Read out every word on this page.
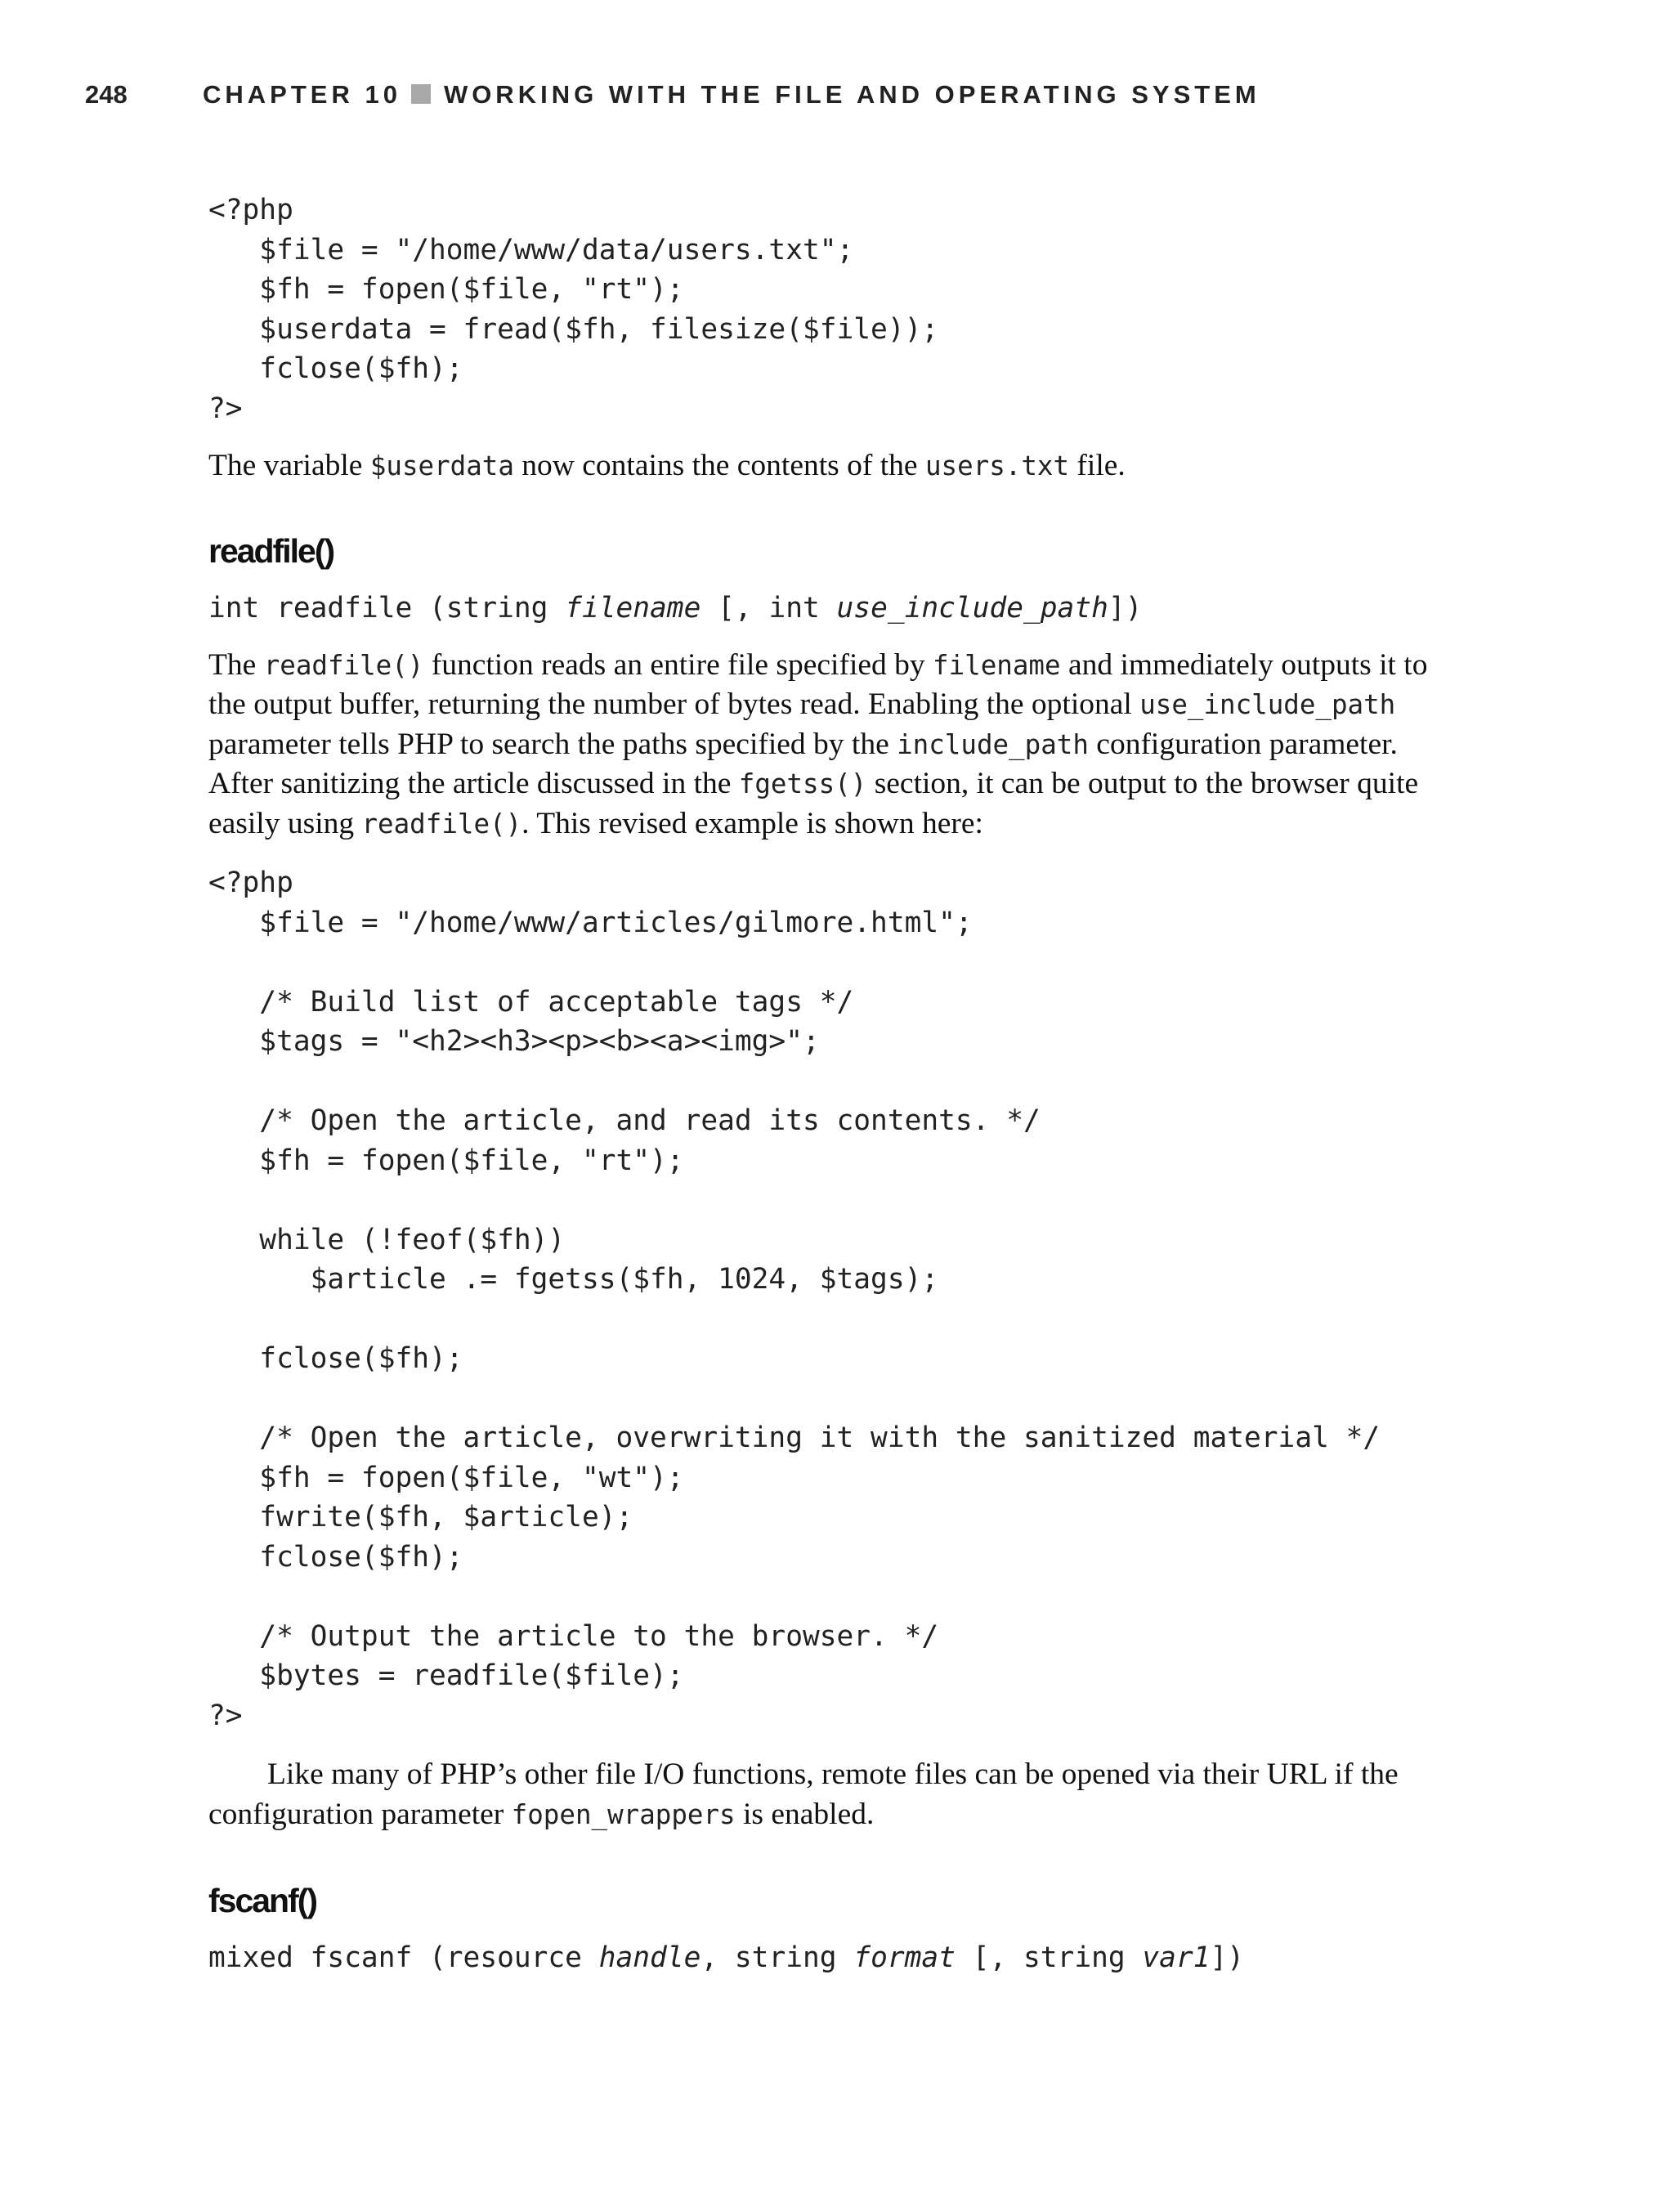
248	CHAPTER 10 WORKING WITH THE FILE AND OPERATING SYSTEM
<?php
$file = "/home/www/data/users.txt";
$fh = fopen($file, "rt");
$userdata = fread($fh, filesize($file));
fclose($fh);
?>

The variable $userdata now contains the contents of the users.txt file.

readfile()

int readfile (string filename [, int use_include_path])

The readfile() function reads an entire file specified by filename and immediately outputs it to the output buffer, returning the number of bytes read. Enabling the optional use_include_path parameter tells PHP to search the paths specified by the include_path configuration parameter. After sanitizing the article discussed in the fgetss() section, it can be output to the browser quite easily using readfile(). This revised example is shown here:

<?php
$file = "/home/www/articles/gilmore.html";

/* Build list of acceptable tags */
$tags = "<h2><h3><p><b><a><img>";

/* Open the article, and read its contents. */
$fh = fopen($file, "rt");

while (!feof($fh))
$article .= fgetss($fh, 1024, $tags);

fclose($fh);

/* Open the article, overwriting it with the sanitized material */
$fh = fopen($file, "wt");
fwrite($fh, $article);
fclose($fh);

/* Output the article to the browser. */
$bytes = readfile($file);
?>

Like many of PHP’s other file I/O functions, remote files can be opened via their URL if the configuration parameter fopen_wrappers is enabled.

fscanf()

mixed fscanf (resource handle, string format [, string var1])
